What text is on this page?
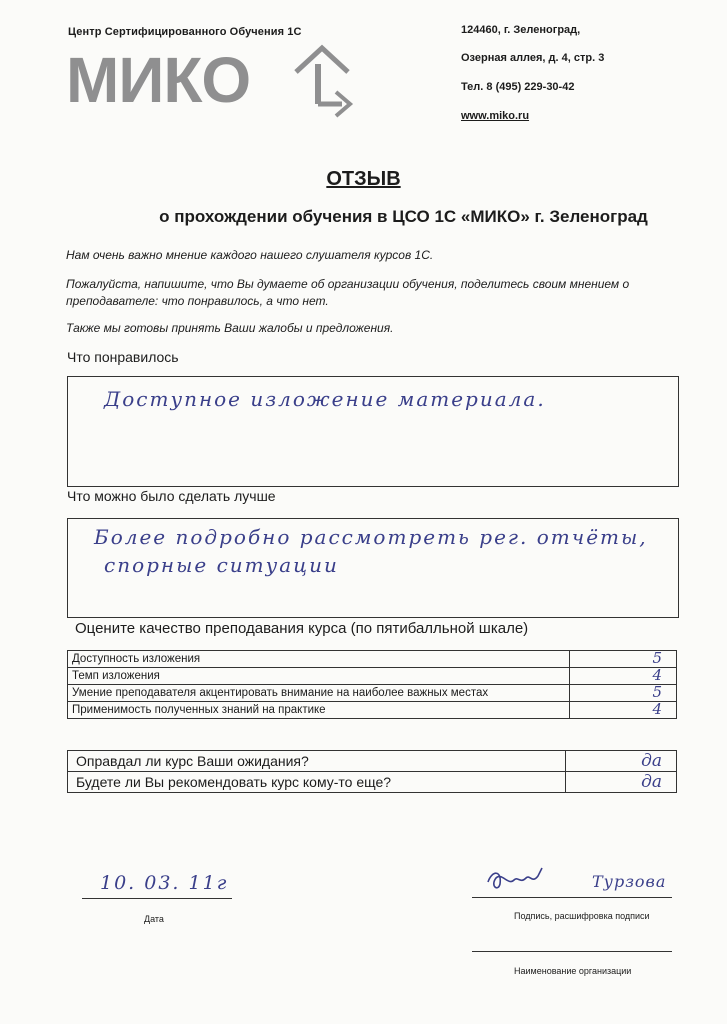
Центр Сертифицированного Обучения 1С
МИКО
124460, г. Зеленоград,
Озерная аллея, д. 4, стр. 3
Тел. 8 (495) 229-30-42
www.miko.ru
ОТЗЫВ
о прохождении обучения в ЦСО 1С «МИКО» г. Зеленоград
Нам очень важно мнение каждого нашего слушателя курсов 1С.
Пожалуйста, напишите, что Вы думаете об организации обучения, поделитесь своим мнением о преподавателе: что понравилось, а что нет.
Также мы готовы принять Ваши жалобы и предложения.
Что понравилось
Доступное изложение материала.
Что можно было сделать лучше
Более подробно рассмотреть рег. отчёты,
спорные ситуации
Оцените качество преподавания курса (по пятибалльной шкале)
Доступность изложения	5
Темп изложения	4
Умение преподавателя акцентировать внимание на наиболее важных местах	5
Применимость полученных знаний на практике	4
Оправдал ли курс Ваши ожидания?	да
Будете ли Вы рекомендовать курс кому-то еще?	да
10. 03. 11г
Дата
Турзова
Подпись, расшифровка подписи
Наименование организации
